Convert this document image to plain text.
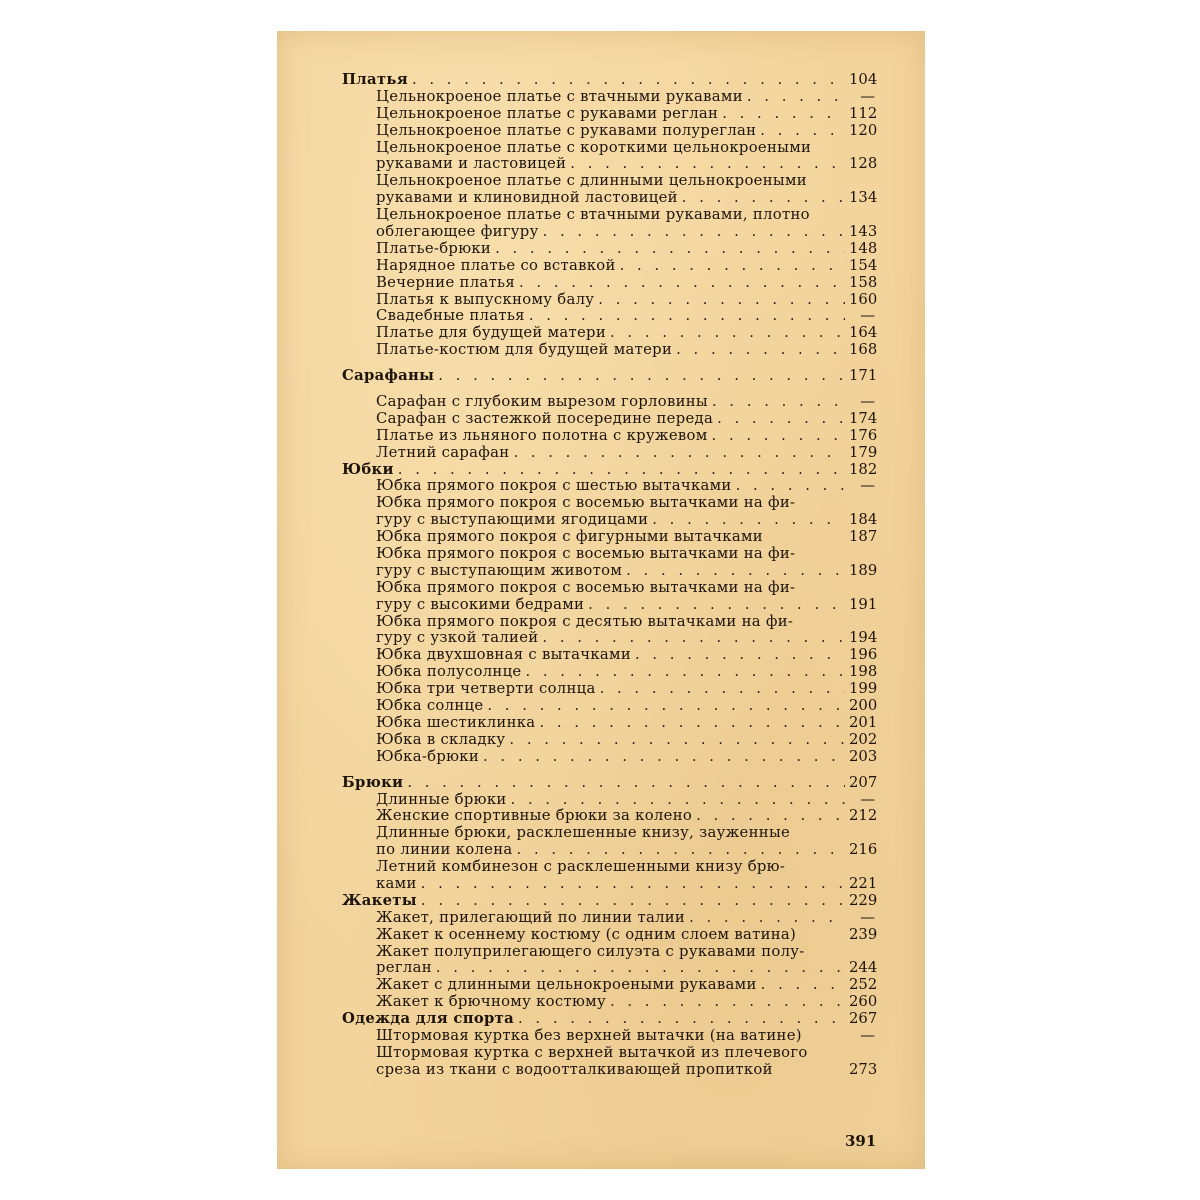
Платья . . .	104
Цельнокроеное платье с втачными рукавами . . .	—
Цельнокроеное платье с рукавами реглан . . .	112
Цельнокроеное платье с рукавами полуреглан . . .	120
Цельнокроеное платье с короткими цельнокроеными
рукавами и ластовицей . . .	128
Цельнокроеное платье с длинными цельнокроеными
рукавами и клиновидной ластовицей . . .	134
Цельнокроеное платье с втачными рукавами, плотно
облегающее фигуру . . .	143
Платье-брюки . . .	148
Нарядное платье со вставкой . . .	154
Вечерние платья . . .	158
Платья к выпускному балу . . .	160
Свадебные платья . . .	—
Платье для будущей матери . . .	164
Платье-костюм для будущей матери . . .	168
Сарафаны . . .	171
Сарафан с глубоким вырезом горловины . . .	—
Сарафан с застежкой посередине переда . . .	174
Платье из льняного полотна с кружевом . . .	176
Летний сарафан . . .	179
Юбки . . .	182
Юбка прямого покроя с шестью вытачками . . .	—
Юбка прямого покроя с восемью вытачками на фи-
гуру с выступающими ягодицами . . .	184
Юбка прямого покроя с фигурными вытачками	187
Юбка прямого покроя с восемью вытачками на фи-
гуру с выступающим животом . . .	189
Юбка прямого покроя с восемью вытачками на фи-
гуру с высокими бедрами . . .	191
Юбка прямого покроя с десятью вытачками на фи-
гуру с узкой талией . . .	194
Юбка двухшовная с вытачками . . .	196
Юбка полусолнце . . .	198
Юбка три четверти солнца . . .	199
Юбка солнце . . .	200
Юбка шестиклинка . . .	201
Юбка в складку . . .	202
Юбка-брюки . . .	203
Брюки . . .	207
Длинные брюки . . .	—
Женские спортивные брюки за колено . . .	212
Длинные брюки, расклешенные книзу, зауженные
по линии колена . . .	216
Летний комбинезон с расклешенными книзу брю-
ками . . .	221
Жакеты . . .	229
Жакет, прилегающий по линии талии . . .	—
Жакет к осеннему костюму (с одним слоем ватина)	239
Жакет полуприлегающего силуэта с рукавами полу-
реглан . . .	244
Жакет с длинными цельнокроеными рукавами . . .	252
Жакет к брючному костюму . . .	260
Одежда для спорта . . .	267
Штормовая куртка без верхней вытачки (на ватине)	—
Штормовая куртка с верхней вытачкой из плечевого
среза из ткани с водоотталкивающей пропиткой	273
391
